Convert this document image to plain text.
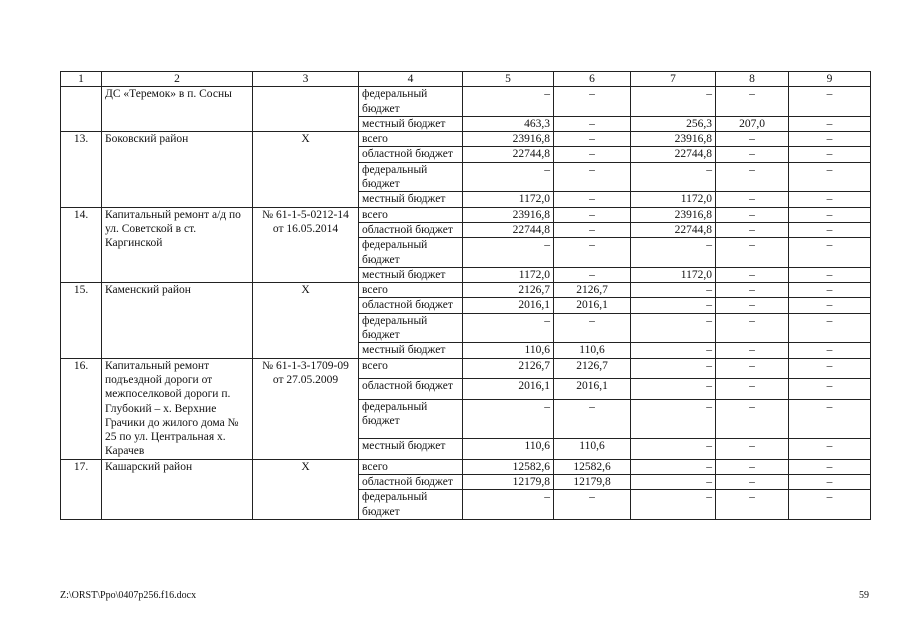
1	2	3	4	5	6	7	8	9
	ДС «Теремок» в п. Сосны		федеральный бюджет	–	–	–	–	–
			местный бюджет	463,3	–	256,3	207,0	–
13.	Боковский район	Х	всего	23916,8	–	23916,8	–	–
			областной бюджет	22744,8	–	22744,8	–	–
			федеральный бюджет	–	–	–	–	–
			местный бюджет	1172,0	–	1172,0	–	–
14.	Капитальный ремонт а/д по ул. Советской в ст. Каргинской	№ 61-1-5-0212-14 от 16.05.2014	всего	23916,8	–	23916,8	–	–
			областной бюджет	22744,8	–	22744,8	–	–
			федеральный бюджет	–	–	–	–	–
			местный бюджет	1172,0	–	1172,0	–	–
15.	Каменский район	Х	всего	2126,7	2126,7	–	–	–
			областной бюджет	2016,1	2016,1	–	–	–
			федеральный бюджет	–	–	–	–	–
			местный бюджет	110,6	110,6	–	–	–
16.	Капитальный ремонт подъездной дороги от межпоселковой дороги п. Глубокий – х. Верхние Грачики до жилого дома № 25 по ул. Центральная х. Карачев	№ 61-1-3-1709-09 от 27.05.2009	всего	2126,7	2126,7	–	–	–
			областной бюджет	2016,1	2016,1	–	–	–
			федеральный бюджет	–	–	–	–	–
			местный бюджет	110,6	110,6	–	–	–
17.	Кашарский район	Х	всего	12582,6	12582,6	–	–	–
			областной бюджет	12179,8	12179,8	–	–	–
			федеральный бюджет	–	–	–	–	–
Z:\ORST\Ppo\0407p256.f16.docx	59
